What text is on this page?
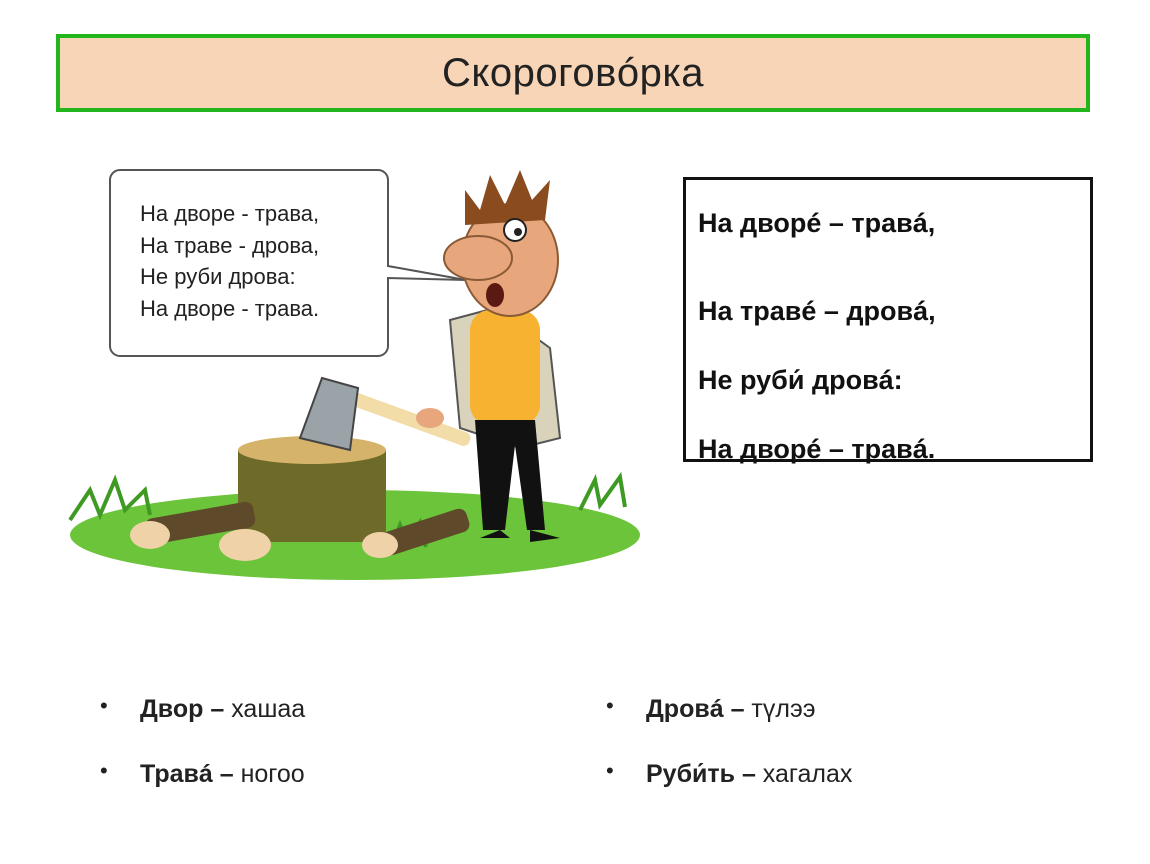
Скороговóрка
На дворе - трава,
На траве - дрова,
Не руби дрова:
На дворе - трава.
На двоpé – травá,
На травé – дровá,
Не руби́ дровá:
На дворé – травá.
• Двор – хашаа
• Травá – ногоо
• Дровá – түлээ
• Руби́ть – хагалах
